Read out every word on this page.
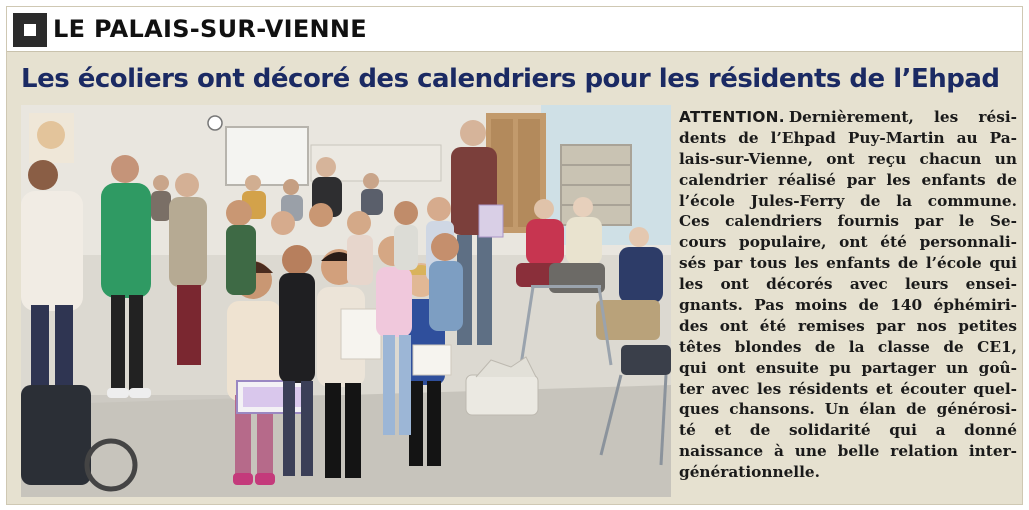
LE PALAIS-SUR-VIENNE
Les écoliers ont décoré des calendriers pour les résidents de l’Ehpad
ATTENTION. Dernièrement, les rési-
dents de l’Ehpad Puy-Martin au Pa-
lais-sur-Vienne, ont reçu chacun un
calendrier réalisé par les enfants de
l’école Jules-Ferry de la commune.
Ces calendriers fournis par le Se-
cours populaire, ont été personnali-
sés par tous les enfants de l’école qui
les ont décorés avec leurs ensei-
gnants. Pas moins de 140 éphémiri-
des ont été remises par nos petites
têtes blondes de la classe de CE1,
qui ont ensuite pu partager un goû-
ter avec les résidents et écouter quel-
ques chansons. Un élan de générosi-
té et de solidarité qui a donné
naissance à une belle relation inter-
générationnelle.
